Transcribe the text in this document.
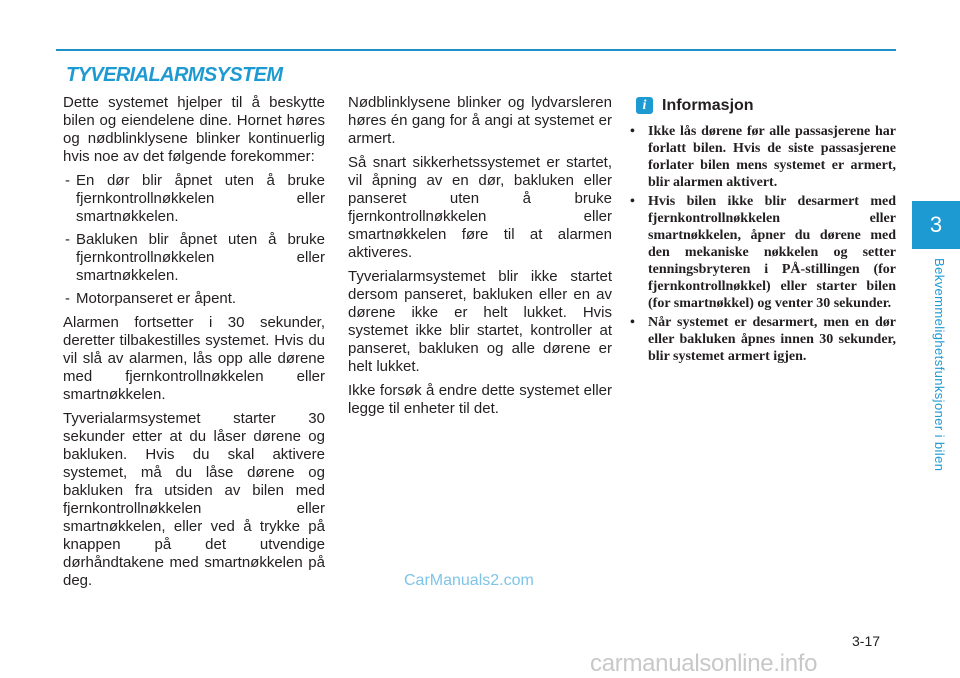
TYVERIALARMSYSTEM

Dette systemet hjelper til å beskytte bilen og eiendelene dine. Hornet høres og nødblinklysene blinker kontinuerlig hvis noe av det følgende forekommer:

- En dør blir åpnet uten å bruke fjernkontrollnøkkelen eller smartnøkkelen.
- Bakluken blir åpnet uten å bruke fjernkontrollnøkkelen eller smartnøkkelen.
- Motorpanseret er åpent.

Alarmen fortsetter i 30 sekunder, deretter tilbakestilles systemet. Hvis du vil slå av alarmen, lås opp alle dørene med fjernkontrollnøkkelen eller smartnøkkelen.

Tyverialarmsystemet starter 30 sekunder etter at du låser dørene og bakluken. Hvis du skal aktivere systemet, må du låse dørene og bakluken fra utsiden av bilen med fjernkontrollnøkkelen eller smartnøkkelen, eller ved å trykke på knappen på det utvendige dørhåndtakene med smartnøkkelen på deg.

Nødblinklysene blinker og lydvarsleren høres én gang for å angi at systemet er armert.

Så snart sikkerhetssystemet er startet, vil åpning av en dør, bakluken eller panseret uten å bruke fjernkontrollnøkkelen eller smartnøkkelen føre til at alarmen aktiveres.

Tyverialarmsystemet blir ikke startet dersom panseret, bakluken eller en av dørene ikke er helt lukket. Hvis systemet ikke blir startet, kontroller at panseret, bakluken og alle dørene er helt lukket.

Ikke forsøk å endre dette systemet eller legge til enheter til det.

i Informasjon
• Ikke lås dørene før alle passasjerene har forlatt bilen. Hvis de siste passasjerene forlater bilen mens systemet er armert, blir alarmen aktivert.
• Hvis bilen ikke blir desarmert med fjernkontrollnøkkelen eller smartnøkkelen, åpner du dørene med den mekaniske nøkkelen og setter tenningsbryteren i PÅ-stillingen (for fjernkontrollnøkkel) eller starter bilen (for smartnøkkel) og venter 30 sekunder.
• Når systemet er desarmert, men en dør eller bakluken åpnes innen 30 sekunder, blir systemet armert igjen.
3
Bekvemmelighetsfunksjoner i bilen
3-17
CarManuals2.com
carmanualsonline.info
